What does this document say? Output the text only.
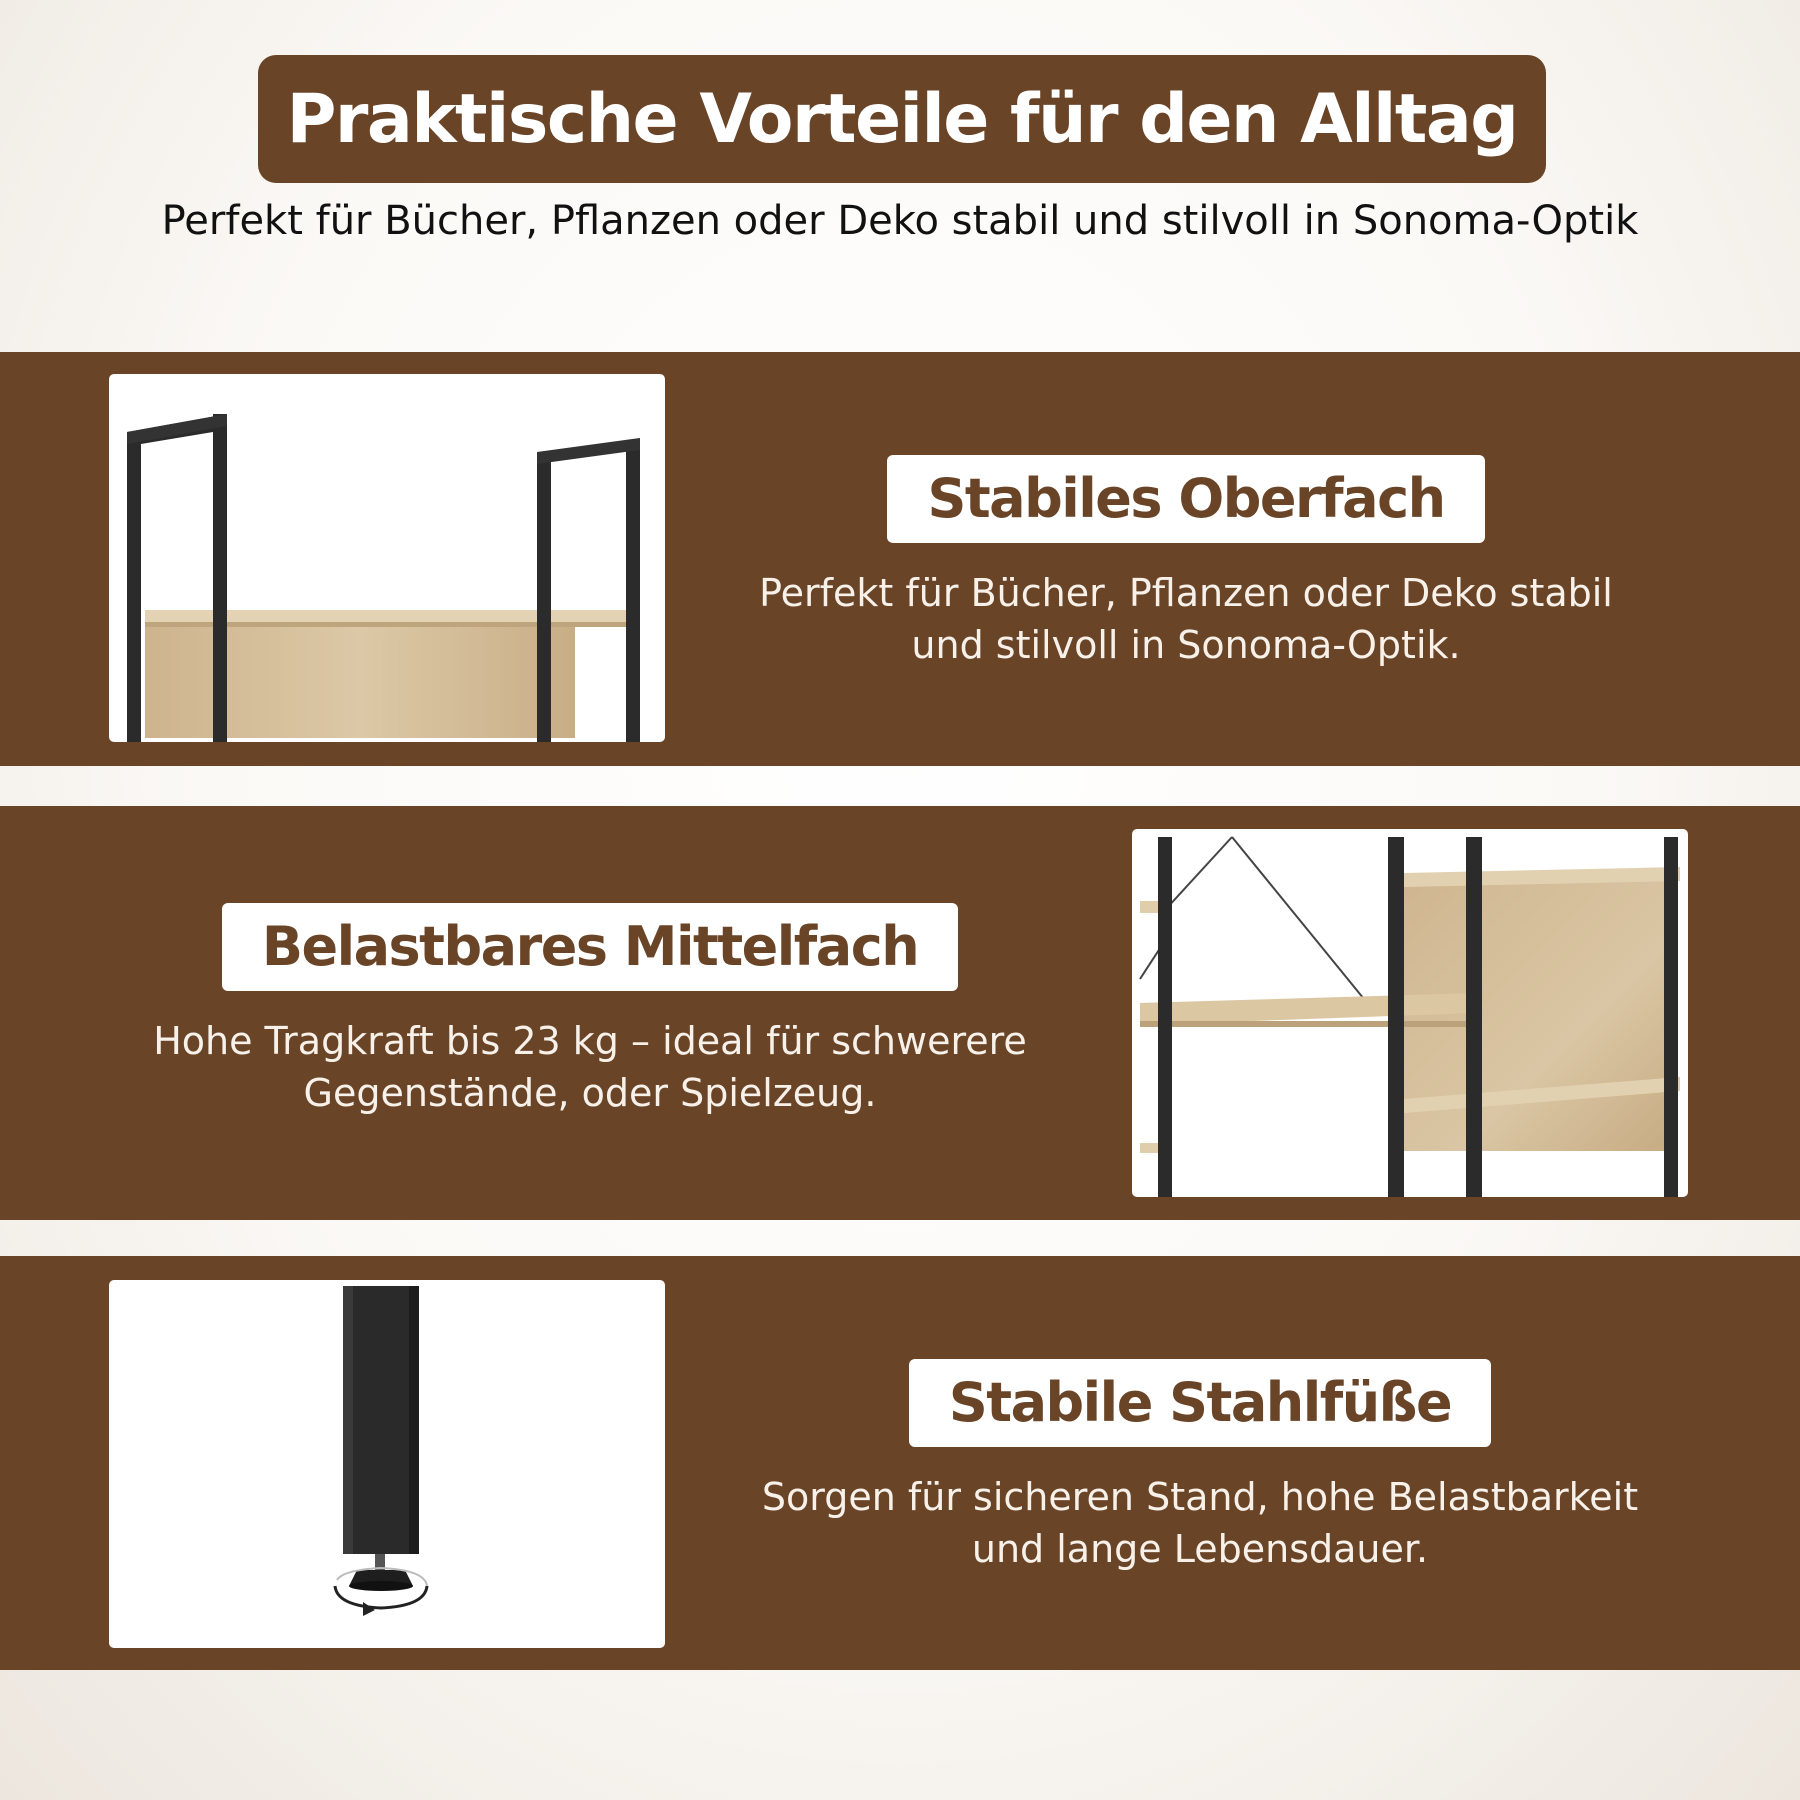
Praktische Vorteile für den Alltag
Perfekt für Bücher, Pflanzen oder Deko stabil und stilvoll in Sonoma-Optik
Stabiles Oberfach
Perfekt für Bücher, Pflanzen oder Deko stabil
und stilvoll in Sonoma-Optik.
Belastbares Mittelfach
Hohe Tragkraft bis 23 kg – ideal für schwerere
Gegenstände, oder Spielzeug.
Stabile Stahlfüße
Sorgen für sicheren Stand, hohe Belastbarkeit
und lange Lebensdauer.
